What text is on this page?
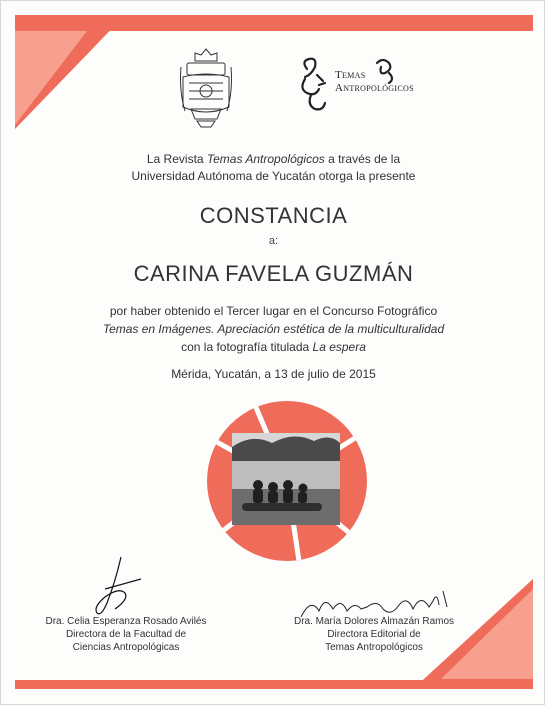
Temas
Antropológicos
La Revista Temas Antropológicos a través de la
Universidad Autónoma de Yucatán otorga la presente
CONSTANCIA
a:
CARINA FAVELA GUZMÁN
por haber obtenido el Tercer lugar en el Concurso Fotográfico
Temas en Imágenes. Apreciación estética de la multiculturalidad
con la fotografía titulada La espera
Mérida, Yucatán, a 13 de julio de 2015
Dra. Celia Esperanza Rosado Avilés
Directora de la Facultad de
Ciencias Antropológicas
Dra. María Dolores Almazán Ramos
Directora Editorial de
Temas Antropológicos
